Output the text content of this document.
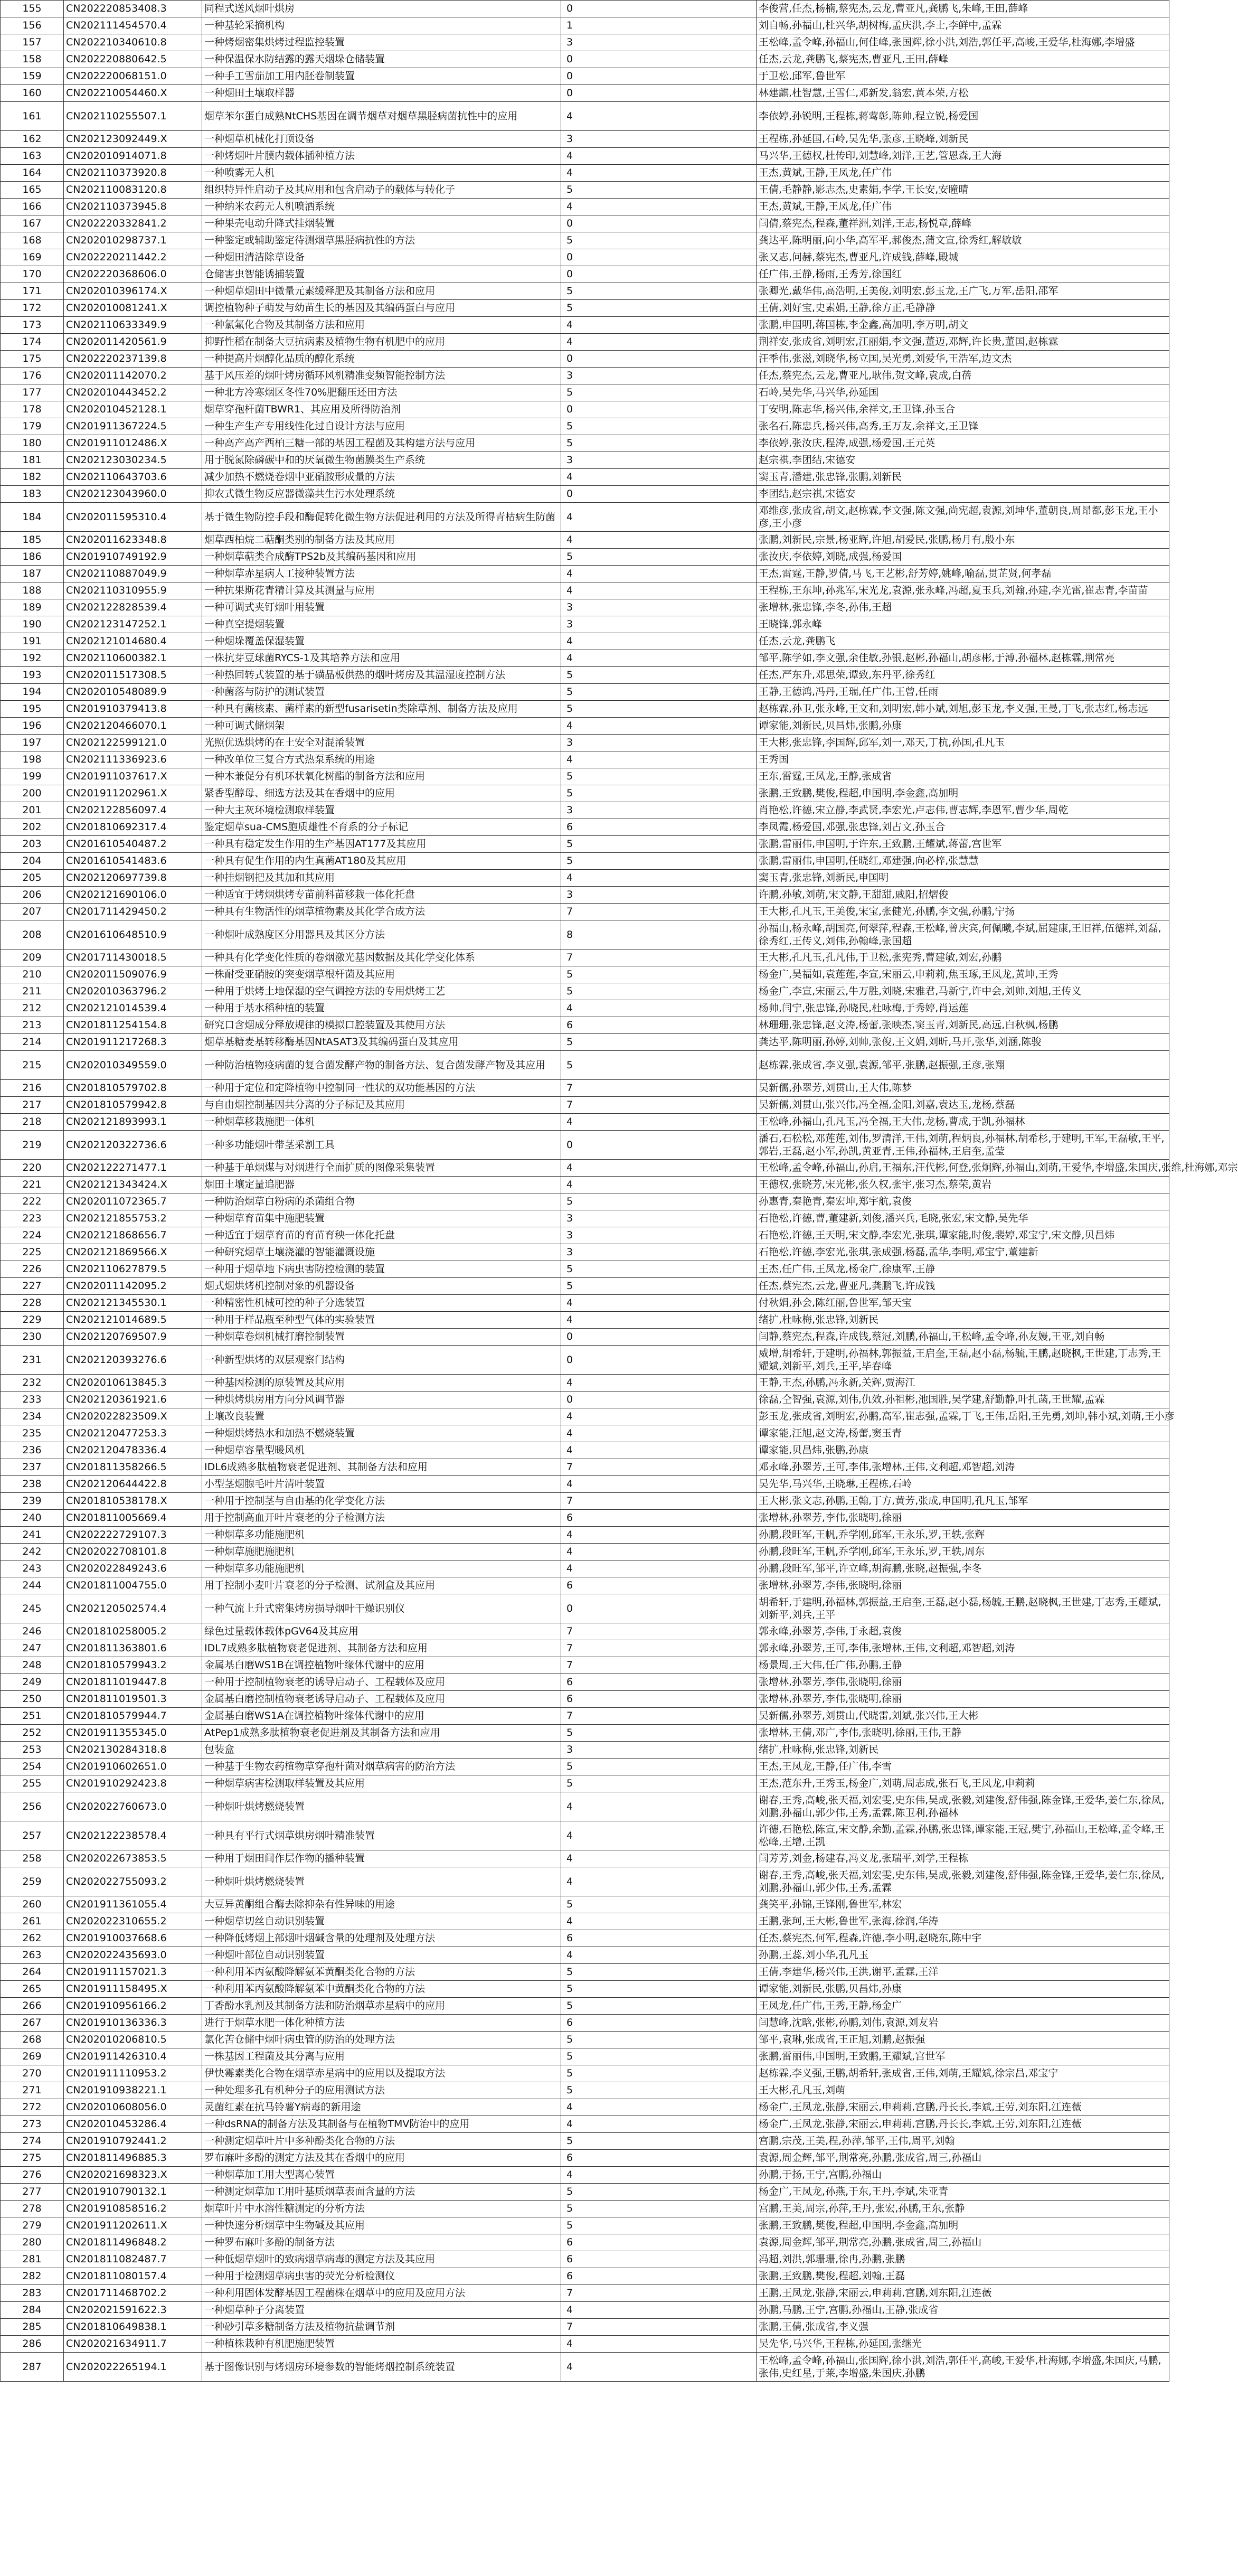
155	CN202220853408.3	同程式送风烟叶烘房	0	李俊营,任杰,杨楠,蔡宪杰,云龙,曹亚凡,龚鹏飞,朱峰,王田,薛峰
156	CN202111454570.4	一种基轮采摘机构	1	刘自畅,孙福山,杜兴华,胡树梅,孟庆洪,李士,李鲜中,孟霖
157	CN202210340610.8	一种烤烟密集烘烤过程监控装置	3	王松峰,孟令峰,孙福山,何佳峰,张国辉,徐小洪,刘浩,郭任平,高峻,王爱华,杜海娜,李增盛
158	CN202220880642.5	一种保温保水防结露的露天烟垛仓储装置	0	任杰,云龙,龚鹏飞,蔡宪杰,曹亚凡,王田,薛峰
159	CN202220068151.0	一种手工雪茄加工用内胚卷制装置	0	于卫松,邱军,鲁世军
160	CN202210054460.X	一种烟田土壤取样器	0	林建麒,杜智慧,王雪仁,邓新发,翁宏,黄本荣,方松
161	CN202110255507.1	烟草苯尔蛋白成熟NtCHS基因在调节烟草对烟草黑胫病菌抗性中的应用	4	李依婷,孙锐明,王程栋,蒋莺彰,陈帅,程立锐,杨爱国
162	CN202123092449.X	一种烟草机械化打顶设备	3	王程栋,孙延国,石岭,吴先华,张彦,王晓峰,刘新民
163	CN202010914071.8	一种烤烟叶片膜内载体插种植方法	4	马兴华,王德权,杜传印,刘慧峰,刘洋,王艺,管恩森,王大海
164	CN202110373920.8	一种喷雾无人机	4	王杰,黄斌,王静,王凤龙,任广伟
165	CN202110083120.8	组织特异性启动子及其应用和包含启动子的载体与转化子	5	王倩,毛静静,影志杰,史素娟,李学,王长安,安瞳晴
166	CN202110373945.8	一种纳米农药无人机喷洒系统	4	王杰,黄斌,王静,王凤龙,任广伟
167	CN202220332841.2	一种果壳电动升降式挂烟装置	0	闫倩,蔡宪杰,程森,董祥洲,刘洋,王志,杨悦章,薛峰
168	CN202010298737.1	一种鉴定或辅助鉴定待测烟草黑胫病抗性的方法	5	龚达平,陈明丽,向小华,高军平,郝俊杰,蒲文宣,徐秀红,解敏敏
169	CN202220211442.2	一种烟田清洁除草设备	0	张又志,问赫,蔡宪杰,曹亚凡,许成钱,薛峰,殿城
170	CN202220368606.0	仓储害虫智能诱捕装置	0	任广伟,王静,杨雨,王秀芳,徐国红
171	CN202010396174.X	一种烟草烟田中微量元素缓释肥及其制备方法和应用	5	张卿光,戴华伟,高浩明,王美俊,刘明宏,彭玉龙,王广飞,万军,岳阳,邵军
172	CN202010081241.X	调控植物种子萌发与幼苗生长的基因及其编码蛋白与应用	5	王倩,刘好宝,史素娟,王静,徐方正,毛静静
173	CN202110633349.9	一种氯氟化合物及其制备方法和应用	4	张鹏,申国明,蒋国栋,李金鑫,高加明,李万明,胡文
174	CN202011420561.9	抑野性稻在制备大豆抗病素及植物生物有机肥中的应用	4	荆祥安,张成省,刘明宏,江丽娟,李文强,董迈,邓辉,许长贵,董国,赵栋霖
175	CN202220237139.8	一种提高片烟醇化品质的醇化系统	0	汪季伟,张滋,刘晓华,杨立国,吴光勇,刘爱华,王浩军,边文杰
176	CN202011142070.2	基于风压差的烟叶烤房循环风机精准变频智能控制方法	3	任杰,蔡宪杰,云龙,曹亚凡,耿伟,贺文峰,袁成,白蓓
177	CN202010443452.2	一种北方冷寒烟区冬性70%肥翻压还田方法	5	石岭,吴先华,马兴华,孙延国
178	CN202010452128.1	烟草穿孢杆菌TBWR1、其应用及所得防治剂	0	丁安明,陈志华,杨兴伟,余祥文,王卫锋,孙玉合
179	CN201911367224.5	一种生产生产专用线性化过自设计方法与应用	5	张名石,陈忠兵,杨兴伟,高秀,王万友,余祥文,王卫锋
180	CN201911012486.X	一种高产高产西柏三糖一部的基因工程菌及其构建方法与应用	5	李依婷,张汝庆,程涛,成强,杨爱国,王元英
181	CN202123030234.5	用于脱氮除磷碳中和的厌氧微生物菌膜类生产系统	3	赵宗祺,李团结,宋德安
182	CN202110643703.6	减少加热不燃烧卷烟中亚硝胺形成量的方法	4	窦玉青,潘建,张忠锋,张鹏,刘新民
183	CN202123043960.0	抑农式微生物反应器微藻共生污水处理系统	0	李团结,赵宗祺,宋德安
184	CN202011595310.4	基于微生物防控手段和酶促转化微生物方法促进利用的方法及所得青枯病生防菌	4	邓维彦,张成省,胡文,赵栋霖,李文强,陈文强,尚宪超,袁源,刘坤华,董朝良,周昂都,彭玉龙,王小彦,王小彦
185	CN202011623348.8	烟草西柏烷二萜酮类别的制备方法及其应用	4	张鹏,刘新民,宗景,杨亚辉,许旭,胡爱民,张鹏,杨月有,殷小东
186	CN201910749192.9	一种烟草萜类合成酶TPS2b及其编码基因和应用	5	张汝庆,李依婷,刘晓,成强,杨爱国
187	CN202110887049.9	一种烟草赤星病人工接种装置方法	4	王杰,雷霆,王静,罗倩,马飞,王艺彬,舒芳婷,姚峰,喻磊,贯芷贤,何孝磊
188	CN202110310955.9	一种抗果斯花青精计算及其测量与应用	4	王程栋,王东坤,孙兆军,宋光龙,袁源,张永峰,冯超,夏玉兵,刘翰,孙建,李光雷,崔志青,李苗苗
189	CN202122828539.4	一种可调式夹钉烟叶用装置	3	张增林,张忠锋,李冬,孙伟,王超
190	CN202123147252.1	一种真空提烟装置	3	王晓锋,郭永峰
191	CN202121014680.4	一种烟垛覆盖保湿装置	4	任杰,云龙,龚鹏飞
192	CN202110600382.1	一株抗芽豆球菌RYCS-1及其培养方法和应用	4	邹平,陈学如,李文强,余佳敏,孙银,赵彬,孙福山,胡彦彬,于溥,孙福林,赵栋霖,荆常亮
193	CN202011517308.5	一种热回转式装置的基于磺晶板供热的烟叶烤房及其温湿度控制方法	5	任杰,严东升,邓思荣,谭致,东丹平,徐秀红
194	CN202010548089.9	一种菌落与防护的测试装置	5	王静,王德鸿,冯丹,王瑞,任广伟,王曾,任雨
195	CN201910379413.8	一种具有菌核素、菌样素的新型fusarisetin类除草剂、制备方法及应用	5	赵栋霖,孙卫,张永峰,王文和,刘明宏,韩小斌,刘旭,彭玉龙,李义强,王曼,丁飞,张志红,杨志远
196	CN202120466070.1	一种可调式储烟架	4	谭家能,刘新民,贝昌炜,张鹏,孙康
197	CN202122599121.0	光照优选烘烤的在土安全对混淆装置	3	王大彬,张忠锋,李国辉,邱军,刘一,邓天,丁杭,孙国,孔凡玉
198	CN202111336923.6	一种改单位三复合方式热泵系统的用途	4	王秀国
199	CN201911037617.X	一种木兼促分有机环状氧化树酯的制备方法和应用	5	王东,雷霆,王凤龙,王静,张成省
200	CN201911202961.X	紧香型醇母、细选方法及其在香烟中的应用	5	张鹏,王致鹏,樊俊,程超,申国明,李金鑫,高加明
201	CN202122856097.4	一种大主灰环境检测取样装置	3	肖艳松,许德,宋立静,李武贤,李宏光,卢志伟,曹志辉,李恩军,曹少华,周乾
202	CN201810692317.4	鉴定烟草sua-CMS胞质雄性不育系的分子标记	6	李凤霞,杨爱国,邓强,张忠锋,刘占文,孙玉合
203	CN201610540487.2	一种具有稳定发生作用的生产基因AT177及其应用	5	张鹏,雷丽伟,申国明,于许东,王致鹏,王耀斌,蒋蕾,宫世军
204	CN201610541483.6	一种具有促生作用的内生真菌AT180及其应用	5	张鹏,雷丽伟,申国明,任晓红,邓建强,向必梓,张慧慧
205	CN202120697739.8	一种挂烟钢把及其加和其应用	4	窦玉青,张忠锋,刘新民,申国明
206	CN202121690106.0	一种适宜于烤烟烘烤专苗前科苗移栽一体化托盘	3	许鹏,孙敏,刘萌,宋文静,王甜甜,戚阳,招熠俊
207	CN201711429450.2	一种具有生物活性的烟草植物素及其化学合成方法	7	王大彬,孔凡玉,王美俊,宋宝,张健光,孙鹏,李文强,孙鹏,宁扬
208	CN201610648510.9	一种烟叶成熟度区分用器具及其区分方法	8	孙福山,杨永峰,胡国亮,何翠萍,程森,王松峰,曾庆宾,何佩曦,李斌,屈建康,王旧祥,伍德祥,刘磊,徐秀红,王传义,刘伟,孙翰峰,张国超
209	CN201711430018.5	一种具有化学变化性质的卷烟激光基因数据及其化学变化体系	7	王大彬,孔凡玉,孔凡伟,于卫松,张宪秀,曹建敏,刘宏,孙鹏
210	CN202011509076.9	一株耐受亚硝胺的突变烟草根杆菌及其应用	5	杨金广,吴福如,袁莲莲,李宣,宋丽云,申莉莉,焦玉琢,王凤龙,黄坤,王秀
211	CN202010363796.2	一种用于烘烤土地保湿的空气调控方法的专用烘烤工艺	5	杨金广,李宣,宋丽云,牛万胜,刘晓,宋雅君,马新宁,许中会,刘帅,刘旭,王传义
212	CN202121014539.4	一种用于基水稻种植的装置	4	杨帅,闫宁,张忠锋,孙晓民,杜咏梅,于秀婷,肖运莲
213	CN201811254154.8	研究口含烟成分释放规律的模拟口腔装置及其使用方法	6	林珊珊,张忠锋,赵文涛,杨蕾,张映杰,窦玉青,刘新民,高远,白秋枫,杨鹏
214	CN201911217268.3	烟草基糖麦基转移酶基因NtASAT3及其编码蛋白及其应用	5	龚达平,陈明丽,孙婷,刘帅,张俊,王文娟,刘昕,马开,张华,刘涵,陈骏
215	CN202010349559.0	一种防治植物疫病菌的复合菌发酵产物的制备方法、复合菌发酵产物及其应用	5	赵栋霖,张成省,李义强,袁源,邹平,张鹏,赵振强,王彦,张翔
216	CN201810579702.8	一种用于定位和定降植物中控制同一性状的双功能基因的方法	7	吴新儒,孙翠芳,刘贯山,王大伟,陈梦
217	CN201810579942.8	与自由烟控制基因共分离的分子标记及其应用	7	吴新儒,刘贯山,张兴伟,冯全福,金阳,刘嘉,袁达玉,龙杨,蔡磊
218	CN202121893993.1	一种烟草移栽施肥一体机	4	王松峰,孙福山,孔凡玉,冯全福,王大伟,龙杨,曹成,于凯,孙福林
219	CN202120322736.6	一种多功能烟叶带茎采割工具	0	潘石,石松松,邓莲莲,刘伟,罗清洋,王伟,刘萌,程炳良,孙福林,胡希杉,于建明,王军,王磊敏,王平,郭岩,王磊,赵小军,孙凯,黄亚青,王伟,孙福林,王启奎,孟莹
220	CN202122271477.1	一种基于单烟煤与对烟进行全面扩质的图像采集装置	4	王松峰,孟令峰,孙福山,孙启,王福东,汪代彬,何登,张炯辉,孙福山,刘萌,王爱华,李增盛,朱国庆,张维,杜海娜,邓宗
221	CN202121343424.X	烟田土壤定量追肥器	4	王德权,张晓芳,宋光彬,张久权,张宇,张习杰,蔡荣,黄岩
222	CN202011072365.7	一种防治烟草白粉病的杀菌组合物	5	孙惠青,秦艳青,秦宏坤,郑宇航,袁俊
223	CN202121855753.2	一种烟草育苗集中施肥装置	3	石艳松,许德,曹,董建新,刘俊,潘兴兵,毛晓,张宏,宋文静,吴先华
224	CN202121868656.7	一种适宜于烟草育苗的育苗育秧一体化托盘	3	石艳松,许德,王天明,宋文静,李宏光,张琪,谭家能,时俊,裴婷,邓宝宁,宋文静,贝昌炜
225	CN202121869566.X	一种研究烟草土壤浇灌的智能灌溉设施	3	石艳松,许德,李宏光,张琪,张成强,杨磊,孟华,李明,邓宝宁,董建新
226	CN202110627879.5	一种用于烟草地下病虫害防控检测的装置	5	王杰,任广伟,王凤龙,杨金广,徐康军,王静
227	CN202011142095.2	烟式烟烘烤机控制对象的机器设备	5	任杰,蔡宪杰,云龙,曹亚凡,龚鹏飞,许成钱
228	CN202121345530.1	一种精密性机械可控的种子分选装置	4	付秋娟,孙会,陈红丽,鲁世军,邹天宝
229	CN202121014689.5	一种用于样品瓶至种型气体的实验装置	4	绪扩,杜咏梅,张忠锋,刘新民
230	CN202120769507.9	一种烟草卷烟机械打磨控制装置	0	闫静,蔡宪杰,程森,许成钱,蔡冠,刘鹏,孙福山,王松峰,孟令峰,孙友嫚,王亚,刘自畅
231	CN202120393276.6	一种新型烘烤的双层观察门结构	0	威增,胡希轩,于建明,孙福林,郭振益,王启奎,王磊,赵小磊,杨毓,王鹏,赵晓枫,王世建,丁志秀,王耀斌,刘新平,刘兵,王平,毕春峰
232	CN202010613845.3	一种基因检测的原装置及其应用	4	王静,王杰,孙鹏,冯永新,关辉,贾海江
233	CN202120361921.6	一种烘烤烘房用方向分风调节器	0	徐磊,仝智强,袁源,刘伟,仇效,孙祖彬,池国胜,吴学建,舒勤静,叶扎菡,王世耀,孟霖
234	CN202022823509.X	土壤改良装置	4	彭玉龙,张成省,刘明宏,孙鹏,高军,崔志强,孟霖,丁飞,王伟,岳阳,王先勇,刘坤,韩小斌,刘萌,王小彦
235	CN202120477253.3	一种烟烘烤热水和加热不燃烧装置	4	谭家能,汪旭,赵文涛,杨蕾,窦玉青
236	CN202120478336.4	一种烟草容量型暖风机	4	谭家能,贝昌炜,张鹏,孙康
237	CN201811358266.5	IDL6成熟多肽植物衰老促进剂、其制备方法和应用	7	邓永峰,孙翠芳,王可,李伟,张增林,王伟,文利超,邓智超,刘涛
238	CN202120644422.8	小型茎烟腺毛叶片清叶装置	4	吴先华,马兴华,王晓琳,王程栋,石岭
239	CN201810538178.X	一种用于控制茎与自由基的化学变化方法	7	王大彬,张文志,孙鹏,王翰,丁方,黄芳,张成,申国明,孔凡玉,邹军
240	CN201811005669.4	用于控制高血开叶片衰老的分子检测方法	6	张增林,孙翠芳,李伟,张晓明,徐丽
241	CN202222729107.3	一种烟草多功能施肥机	4	孙鹏,段旺军,王帆,乔学刚,邱军,王永乐,罗,王轶,张辉
242	CN202022708101.8	一种烟草施肥施肥机	4	孙鹏,段旺军,王帆,乔学刚,邱军,王永乐,罗,王轶,周东
243	CN202022849243.6	一种烟草多功能施肥机	4	孙鹏,段旺军,邹平,许立峰,胡海鹏,张晓,赵振强,李冬
244	CN201811004755.0	用于控制小麦叶片衰老的分子检测、试剂盒及其应用	6	张增林,孙翠芳,李伟,张晓明,徐丽
245	CN202120502574.4	一种气流上升式密集烤房损导烟叶干燥识别仪	0	胡希轩,于建明,孙福林,郭振益,王启奎,王磊,赵小磊,杨毓,王鹏,赵晓枫,王世建,丁志秀,王耀斌,刘新平,刘兵,王平
246	CN201810258005.2	绿色过量载体载体pGV64及其应用	7	郭永峰,孙翠芳,李伟,于永超,袁俊
247	CN201811363801.6	IDL7成熟多肽植物衰老促进剂、其制备方法和应用	7	郭永峰,孙翠芳,王可,李伟,张增林,王伟,文利超,邓智超,刘涛
248	CN201810579943.2	金属基白磨WS1B在调控植物叶缘体代谢中的应用	7	杨景周,王大伟,任广伟,孙鹏,王静
249	CN201811019447.8	一种用于控制植物衰老的诱导启动子、工程载体及应用	6	张增林,孙翠芳,李伟,张晓明,徐丽
250	CN201811019501.3	金属基白磨控制植物衰老诱导启动子、工程载体及应用	6	张增林,孙翠芳,李伟,张晓明,徐丽
251	CN201810579944.7	金属基白磨WS1A在调控植物叶缘体代谢中的应用	7	吴新儒,孙翠芳,刘贯山,代晓雷,刘斌,张兴伟,王大彬
252	CN201911355345.0	AtPep1成熟多肽植物衰老促进剂及其制备方法和应用	5	张增林,王倩,邓广,李伟,张晓明,徐丽,王伟,王静
253	CN202130284318.8	包装盒	3	绪扩,杜咏梅,张忠锋,刘新民
254	CN201910602651.0	一种基于生物农药植物草穿孢杆菌对烟草病害的防治方法	5	王杰,王凤龙,王静,任广伟,李雪
255	CN201910292423.8	一种烟草病害检测取样装置及其应用	5	王杰,范东升,王秀玉,杨金广,刘萌,周志成,张石飞,王凤龙,申莉莉
256	CN202022760673.0	一种烟叶烘烤燃烧装置	4	谢春,王秀,高峻,张天福,刘宏雯,史东伟,吴成,张毅,刘建俊,舒伟强,陈金锋,王爱华,姜仁东,徐凤,刘鹏,孙福山,郭少伟,王秀,孟霖,陈卫利,孙福林
257	CN202122238578.4	一种具有平行式烟草烘房烟叶精准装置	4	许德,石艳松,陈宣,宋文静,余勤,孟霖,孙鹏,张忠锋,谭家能,王冠,樊宁,孙福山,王松峰,孟令峰,王松峰,王增,王凯
258	CN202022673853.5	一种用于烟田间作层作物的播种装置	4	闫芳芳,刘金,杨建春,冯义龙,张瑞平,刘学,王程栋
259	CN202022755093.2	一种烟叶烘烤燃烧装置	4	谢春,王秀,高峻,张天福,刘宏雯,史东伟,吴成,张毅,刘建俊,舒伟强,陈金锋,王爱华,姜仁东,徐凤,刘鹏,孙福山,郭少伟,王秀,孟霖
260	CN201911361055.4	大豆异黄酮组合酶去除抑杂有性异味的用途	5	龚笑平,孙锦,王锋刚,鲁世军,林宏
261	CN202022310655.2	一种烟草切丝自动识别装置	4	王鹏,张珂,王大彬,鲁世军,张海,徐润,华涛
262	CN201910037668.6	一种降低烤烟上部烟叶烟碱含量的处理剂及处理方法	6	任杰,蔡宪杰,何军,程森,许德,李小明,赵晓东,陈中宇
263	CN202022435693.0	一种烟叶部位自动识别装置	4	孙鹏,王蕊,刘小华,孔凡玉
264	CN201911157021.3	一种利用苯丙氨酸降解氨苯黄酮类化合物的方法	5	王倩,李建华,杨兴伟,王洪,谢平,孟霖,王洋
265	CN201911158495.X	一种利用苯丙氨酸降解氨苯中黄酮类化合物的方法	5	谭家能,刘新民,张鹏,贝昌炜,孙康
266	CN201910956166.2	丁香酚水乳剂及其制备方法和防治烟草赤星病中的应用	5	王凤龙,任广伟,王秀,王静,杨金广
267	CN201910136336.3	进行于烟草水肥一体化种植方法	6	闫慧峰,沈晗,张彬,孙鹏,刘伟,袁源,刘友岩
268	CN202010206810.5	氯化苦仓储中烟叶病虫管的防治的处理方法	5	邹平,袁琳,张成省,王正旭,刘鹏,赵振强
269	CN201911426310.4	一株基因工程菌及其分离与应用	5	张鹏,雷丽伟,申国明,王致鹏,王耀斌,宫世军
270	CN201911110953.2	伊快霉素类化合物在烟草赤星病中的应用以及提取方法	5	赵栋霖,李义强,王鹏,胡希轩,张成省,王伟,刘萌,王耀斌,徐宗昌,邓宝宁
271	CN201910938221.1	一种处理多孔有机种分子的应用测试方法	5	王大彬,孔凡玉,刘萌
272	CN202010608056.0	灵菌红素在抗马铃薯Y病毒的新用途	4	杨金广,王凤龙,张静,宋丽云,申莉莉,宫鹏,丹长长,李斌,王劳,刘东阳,江连薇
273	CN202010453286.4	一种dsRNA的制备方法及其制备与在植物TMV防治中的应用	4	杨金广,王凤龙,张静,宋丽云,申莉莉,宫鹏,丹长长,李斌,王劳,刘东阳,江连薇
274	CN201910792441.2	一种测定烟草叶片中多种酚类化合物的方法	5	宫鹏,宗茂,王美,程,孙萍,邹平,王伟,周平,刘翰
275	CN201811496885.3	罗布麻叶多酚的测定方法及其在香烟中的应用	6	袁源,周金辉,邹平,荆常亮,孙鹏,张成省,周三,孙福山
276	CN202021698323.X	一种烟草加工用大型离心装置	4	孙鹏,于扬,王宁,宫鹏,孙福山
277	CN201910790132.1	一种测定烟草加工用叶基质烟草表面含量的方法	5	杨金广,王凤龙,孙燕,于东,王丹,李斌,朱亚青
278	CN201910858516.2	烟草叶片中水溶性糖测定的分析方法	5	宫鹏,王美,周宗,孙萍,王丹,张宏,孙鹏,王东,张静
279	CN201911202611.X	一种快速分析烟草中生物碱及其应用	5	张鹏,王致鹏,樊俊,程超,申国明,李金鑫,高加明
280	CN201811496848.2	一种罗布麻叶多酚的制备方法	6	袁源,周金辉,邹平,荆常亮,孙鹏,张成省,周三,孙福山
281	CN201811082487.7	一种低烟草烟叶的致病烟草病毒的测定方法及其应用	6	冯超,刘洪,郭珊珊,徐冉,孙鹏,张鹏
282	CN201811080157.4	一种用于检测烟草病虫害的荧光分析检测仪	6	张鹏,王致鹏,樊俊,程超,刘翰,王磊
283	CN201711468702.2	一种利用固体发酵基因工程菌株在烟草中的应用及应用方法	7	王鹏,王凤龙,张静,宋丽云,申莉莉,宫鹏,刘东阳,江连薇
284	CN202021591622.3	一种烟草种子分离装置	4	孙鹏,马鹏,王宁,宫鹏,孙福山,王静,张成省
285	CN201810649838.1	一种砂引草多糖制备方法及植物抗盐调节剂	7	张鹏,王倩,张成省,李义强
286	CN202021634911.7	一种植株栽种有机肥施肥装置	4	吴先华,马兴华,王程栋,孙延国,张继光
287	CN202022265194.1	基于图像识别与烤烟房环境参数的智能烤烟控制系统装置	4	王松峰,孟令峰,孙福山,张国辉,徐小洪,刘浩,郭任平,高峻,王爱华,杜海娜,李增盛,朱国庆,马鹏,张伟,史红星,于莱,李增盛,朱国庆,孙鹏
